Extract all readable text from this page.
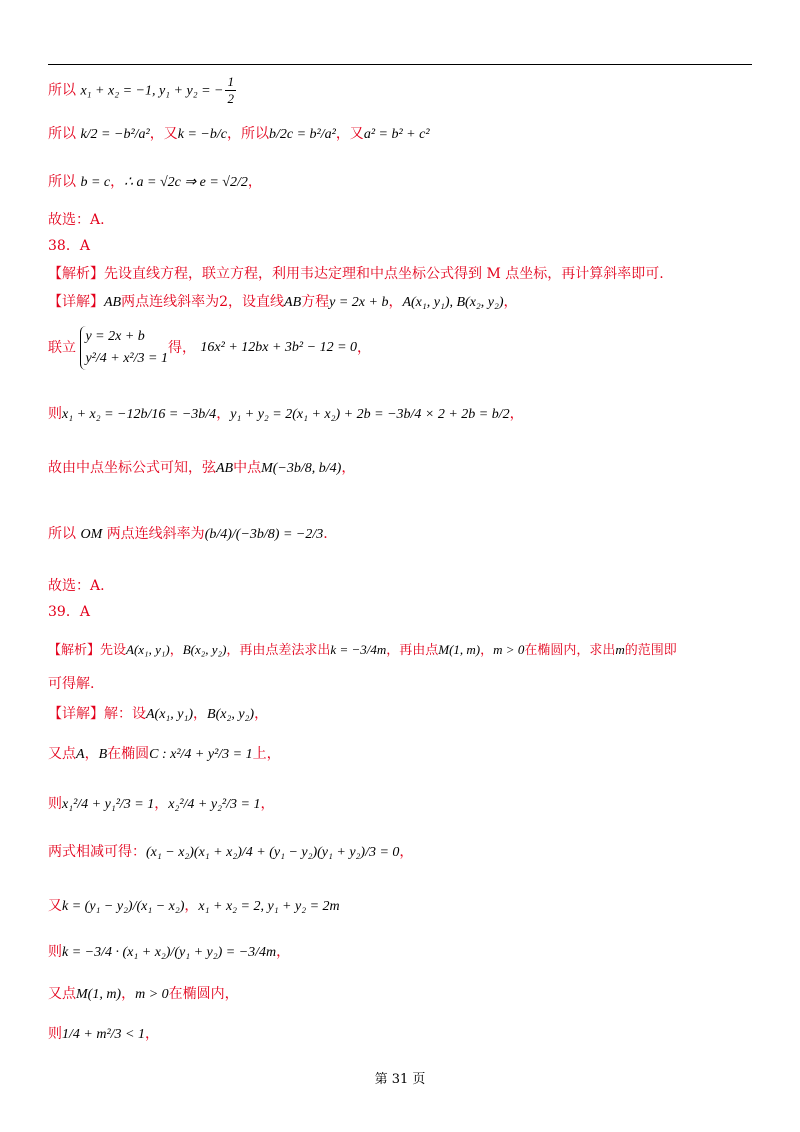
所以 x₁ + x₂ = −1, y₁ + y₂ = − $\frac{1}{2}$
所以 k/2 = −b²/a²，又k = −b/c，所以b/2c = b²/a²，又a² = b² + c²
所以 b = c，∴ a = √2c ⇒ e = √2/2，
故选：A.
38．A
【解析】先设直线方程，联立方程，利用韦达定理和中点坐标公式得到 M 点坐标，再计算斜率即可.
【详解】AB两点连线斜率为2，设直线AB方程y = 2x + b，A(x₁, y₁), B(x₂, y₂)，
联立
y = 2x + b
y²/4 + x²/3 = 1
得， 16x² + 12bx + 3b² − 12 = 0，
则x₁ + x₂ = −12b/16 = −3b/4，y₁ + y₂ = 2(x₁ + x₂) + 2b = −3b/4 × 2 + 2b = b/2，
故由中点坐标公式可知，弦AB中点M(−3b/8, b/4)，
所以 OM 两点连线斜率为(b/4)/(−3b/8) = −2/3.
故选：A.
39．A
【解析】先设A(x₁, y₁)，B(x₂, y₂)，再由点差法求出k = −3/4m，再由点M(1, m)，m > 0在椭圆内，求出m的范围即
可得解.
【详解】解：设A(x₁, y₁)，B(x₂, y₂)，
又点A，B在椭圆C : x²/4 + y²/3 = 1上，
则x₁²/4 + y₁²/3 = 1，x₂²/4 + y₂²/3 = 1，
两式相减可得：(x₁ − x₂)(x₁ + x₂)/4 + (y₁ − y₂)(y₁ + y₂)/3 = 0，
又k = (y₁ − y₂)/(x₁ − x₂)，x₁ + x₂ = 2, y₁ + y₂ = 2m
则k = −3/4 · (x₁ + x₂)/(y₁ + y₂) = −3/4m，
又点M(1, m)，m > 0在椭圆内，
则1/4 + m²/3 < 1，
第 31 页
